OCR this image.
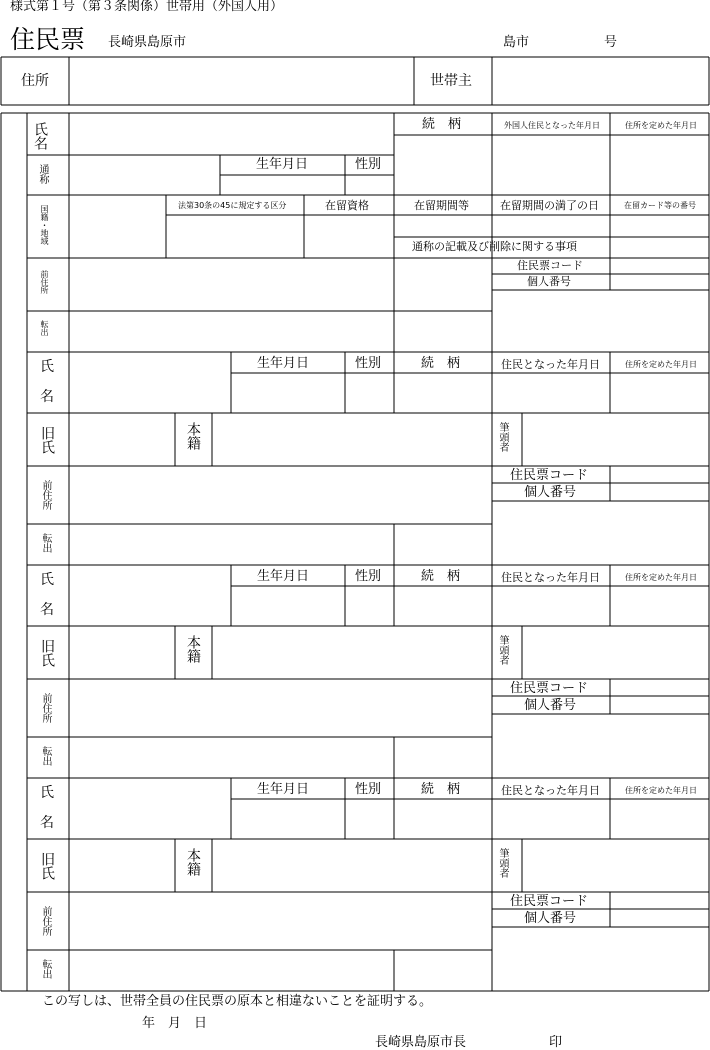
様式第１号（第３条関係）世帯用（外国人用）
住民票 長崎県島原市	島市	号
住所	世帯主
氏名
通称	生年月日	性別
続　柄	外国人住民となった年月日	住所を定めた年月日
国籍・地域	法第30条の45に規定する区分	在留資格	在留期間等	在留期間の満了の日	在留カード等の番号
通称の記載及び削除に関する事項
住民票コード
個人番号
前住所
転出
氏
名
生年月日	性別	続　柄	住民となった年月日	住所を定めた年月日
旧氏	本籍	筆頭者
住民票コード
個人番号
前住所
転出
氏
名
生年月日	性別	続　柄	住民となった年月日	住所を定めた年月日
旧氏	本籍	筆頭者
住民票コード
個人番号
前住所
転出
氏
名
生年月日	性別	続　柄	住民となった年月日	住所を定めた年月日
旧氏	本籍	筆頭者
住民票コード
個人番号
前住所
転出
この写しは、世帯全員の住民票の原本と相違ないことを証明する。
年　月　日
長崎県島原市長	印
